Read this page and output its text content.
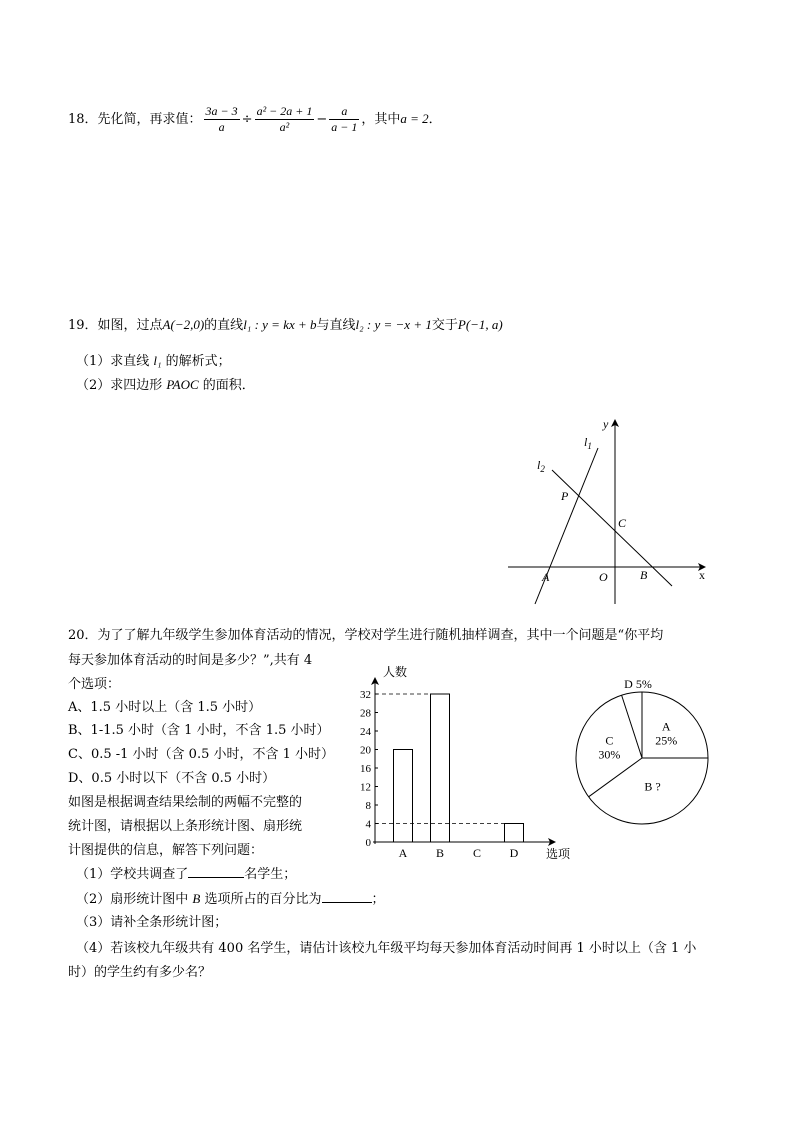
18．先化简，再求值： $\frac{3a - 3}{a} \div \frac{\text{a² − 2a + 1}}{\text{a²}} - \frac{a}{a - 1}$ ，其中a = 2．
19．如图，过点A(−2,0)的直线l₁ : y = kx + b与直线l₂ : y = −x + 1交于P(−1, a)
（1）求直线 l₁ 的解析式；
（2）求四边形 PAOC 的面积．
y
x
$l_1$
$l_2$
P
C
A	O	B
20．为了了解九年级学生参加体育活动的情况，学校对学生进行随机抽样调查，其中一个问题是“你平均
每天参加体育活动的时间是多少？”,共有 4
个选项：
A、1.5 小时以上（含 1.5 小时）
B、1-1.5 小时（含 1 小时，不含 1.5 小时）
C、0.5 -1 小时（含 0.5 小时，不含 1 小时）
D、0.5 小时以下（不含 0.5 小时）
如图是根据调查结果绘制的两幅不完整的
统计图，请根据以上条形统计图、扇形统
计图提供的信息，解答下列问题：
（1）学校共调查了	名学生；
（2）扇形统计图中 B 选项所占的百分比为	；
（3）请补全条形统计图；
（4）若该校九年级共有 400 名学生，请估计该校九年级平均每天参加体育活动时间再 1 小时以上（含 1 小
时）的学生约有多少名？
0
4
8
12
16
20
24
28
32
人数
选项
A B C D
A 25%
B ?
C 30%
D 5%
